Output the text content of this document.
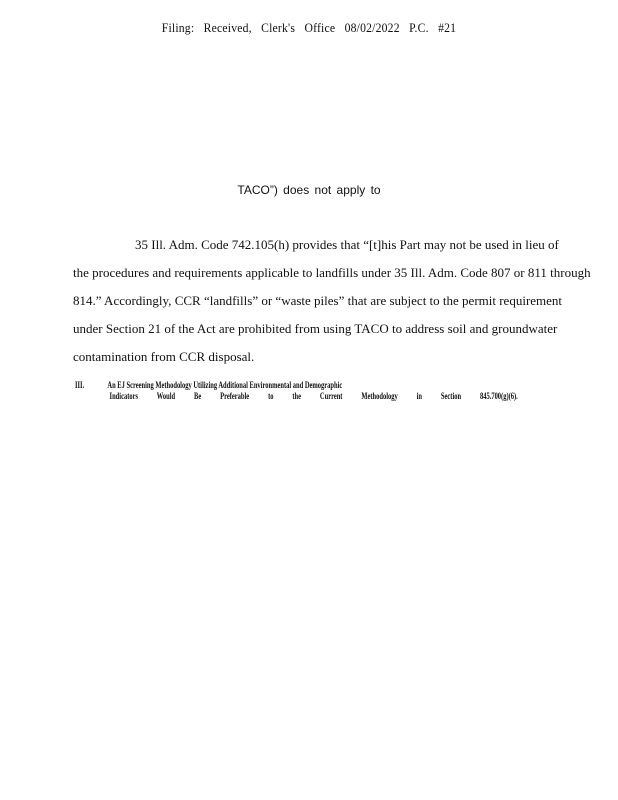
Filing: Received, Clerk's Office 08/02/2022 P.C. #21
TACO”) does not apply to
35 Ill. Adm. Code 742.105(h) provides that “[t]his Part may not be used in lieu of
the procedures and requirements applicable to landfills under 35 Ill. Adm. Code 807 or 811 through
814.” Accordingly, CCR “landfills” or “waste piles” that are subject to the permit requirement
under Section 21 of the Act are prohibited from using TACO to address soil and groundwater
contamination from CCR disposal.
III.	An EJ Screening Methodology Utilizing Additional Environmental and Demographic
Indicators Would Be Preferable to the Current Methodology in Section 845.700(g)(6).
